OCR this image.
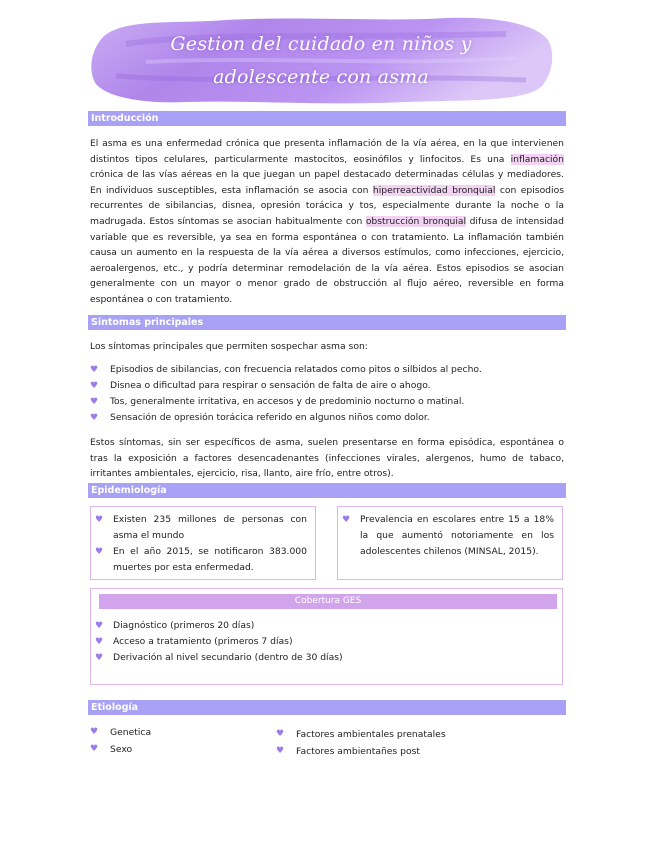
Gestion del cuidado en niños y
adolescente con asma
Introducción

El asma es una enfermedad crónica que presenta inflamación de la vía aérea, en la que intervienen distintos tipos celulares, particularmente mastocitos, eosinófilos y linfocitos. Es una inflamación crónica de las vías aéreas en la que juegan un papel destacado determinadas células y mediadores. En individuos susceptibles, esta inflamación se asocia con hiperreactividad bronquial con episodios recurrentes de sibilancias, disnea, opresión torácica y tos, especialmente durante la noche o la madrugada. Estos síntomas se asocian habitualmente con obstrucción bronquial difusa de intensidad variable que es reversible, ya sea en forma espontánea o con tratamiento. La inflamación también causa un aumento en la respuesta de la vía aérea a diversos estímulos, como infecciones, ejercicio, aeroalergenos, etc., y podría determinar remodelación de la vía aérea. Estos episodios se asocian generalmente con un mayor o menor grado de obstrucción al flujo aéreo, reversible en forma espontánea o con tratamiento.

Sintomas principales

Los síntomas principales que permiten sospechar asma son:

♥ Episodios de sibilancias, con frecuencia relatados como pitos o silbidos al pecho.
♥ Disnea o dificultad para respirar o sensación de falta de aire o ahogo.
♥ Tos, generalmente irritativa, en accesos y de predominio nocturno o matinal.
♥ Sensación de opresión torácica referido en algunos niños como dolor.

Estos síntomas, sin ser específicos de asma, suelen presentarse en forma episódica, espontánea o tras la exposición a factores desencadenantes (infecciones virales, alergenos, humo de tabaco, irritantes ambientales, ejercicio, risa, llanto, aire frío, entre otros).

Epidemiología
♥ Existen 235 millones de personas con asma el mundo
♥ En el año 2015, se notificaron 383.000 muertes por esta enfermedad.
♥ Prevalencia en escolares entre 15 a 18% la que aumentó notoriamente en los adolescentes chilenos (MINSAL, 2015).
Cobertura GES
♥ Diagnóstico (primeros 20 días)
♥ Acceso a tratamiento (primeros 7 días)
♥ Derivación al nivel secundario (dentro de 30 días)
Etiología
♥ Genetica
♥ Sexo
♥ Factores ambientales prenatales
♥ Factores ambientañes post
